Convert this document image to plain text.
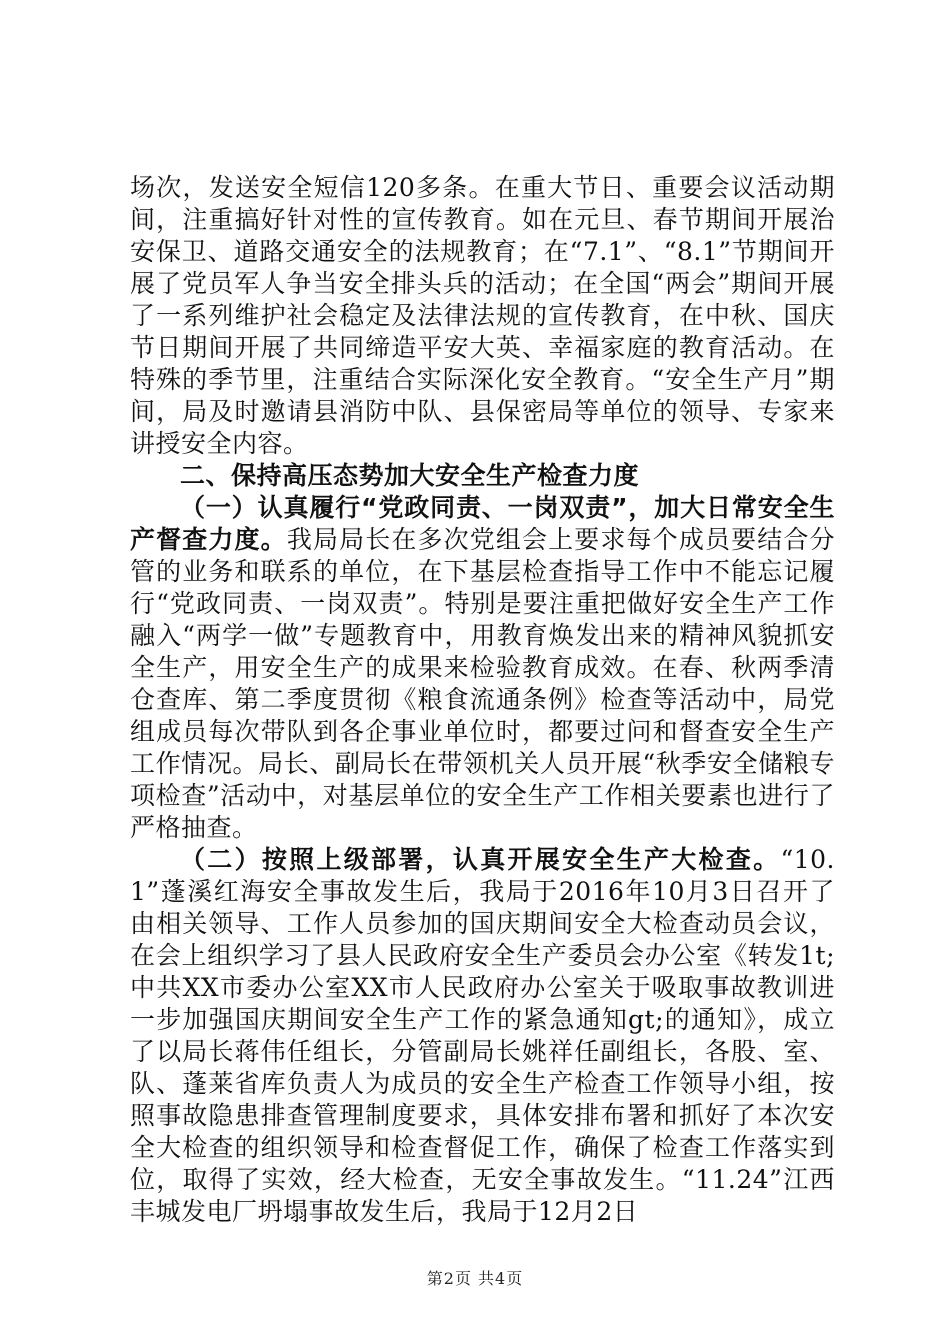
场次，发送安全短信120多条。在重大节日、重要会议活动期间，注重搞好针对性的宣传教育。如在元旦、春节期间开展治安保卫、道路交通安全的法规教育；在“7.1”、“8.1”节期间开展了党员军人争当安全排头兵的活动；在全国“两会”期间开展了一系列维护社会稳定及法律法规的宣传教育，在中秋、国庆节日期间开展了共同缔造平安大英、幸福家庭的教育活动。在特殊的季节里，注重结合实际深化安全教育。“安全生产月”期间，局及时邀请县消防中队、县保密局等单位的领导、专家来讲授安全内容。

二、保持高压态势加大安全生产检查力度

（一）认真履行“党政同责、一岗双责”，加大日常安全生产督查力度。我局局长在多次党组会上要求每个成员要结合分管的业务和联系的单位，在下基层检查指导工作中不能忘记履行“党政同责、一岗双责”。特别是要注重把做好安全生产工作融入“两学一做”专题教育中，用教育焕发出来的精神风貌抓安全生产，用安全生产的成果来检验教育成效。在春、秋两季清仓查库、第二季度贯彻《粮食流通条例》检查等活动中，局党组成员每次带队到各企事业单位时，都要过问和督查安全生产工作情况。局长、副局长在带领机关人员开展“秋季安全储粮专项检查”活动中，对基层单位的安全生产工作相关要素也进行了严格抽查。

（二）按照上级部署，认真开展安全生产大检查。“10.1”蓬溪红海安全事故发生后，我局于2016年10月3日召开了由相关领导、工作人员参加的国庆期间安全大检查动员会议，在会上组织学习了县人民政府安全生产委员会办公室《转发1t;中共XX市委办公室XX市人民政府办公室关于吸取事故教训进一步加强国庆期间安全生产工作的紧急通知gt;的通知》，成立了以局长蒋伟任组长，分管副局长姚祥任副组长，各股、室、队、蓬莱省库负责人为成员的安全生产检查工作领导小组，按照事故隐患排查管理制度要求，具体安排布署和抓好了本次安全大检查的组织领导和检查督促工作，确保了检查工作落实到位，取得了实效，经大检查，无安全事故发生。“11.24”江西丰城发电厂坍塌事故发生后，我局于12月2日

第2页 共4页
